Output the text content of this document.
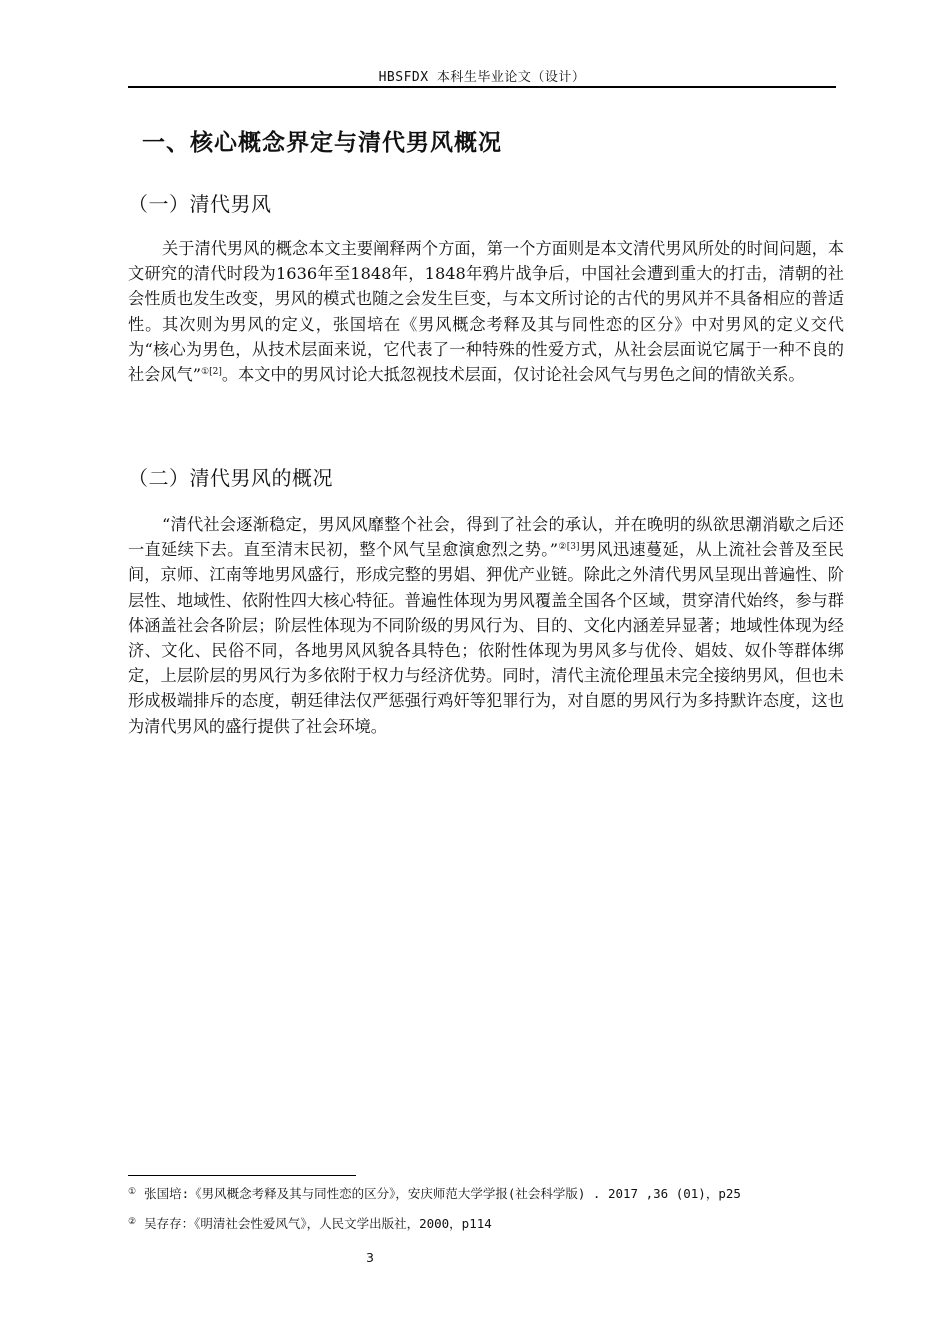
HBSFDX 本科生毕业论文（设计）
一、核心概念界定与清代男风概况
（一）清代男风
关于清代男风的概念本文主要阐释两个方面，第一个方面则是本文清代男风所处的时间问题，本文研究的清代时段为1636年至1848年，1848年鸦片战争后，中国社会遭到重大的打击，清朝的社会性质也发生改变，男风的模式也随之会发生巨变，与本文所讨论的古代的男风并不具备相应的普适性。其次则为男风的定义，张国培在《男风概念考释及其与同性恋的区分》中对男风的定义交代为“核心为男色，从技术层面来说，它代表了一种特殊的性爱方式，从社会层面说它属于一种不良的社会风气”$^{①[2]}$。本文中的男风讨论大抵忽视技术层面，仅讨论社会风气与男色之间的情欲关系。
（二）清代男风的概况
“清代社会逐渐稳定，男风风靡整个社会，得到了社会的承认，并在晚明的纵欲思潮消歇之后还一直延续下去。直至清末民初，整个风气呈愈演愈烈之势。”$^{②[3]}$男风迅速蔓延，从上流社会普及至民间，京师、江南等地男风盛行，形成完整的男娼、狎优产业链。除此之外清代男风呈现出普遍性、阶层性、地域性、依附性四大核心特征。普遍性体现为男风覆盖全国各个区域，贯穿清代始终，参与群体涵盖社会各阶层；阶层性体现为不同阶级的男风行为、目的、文化内涵差异显著；地域性体现为经济、文化、民俗不同，各地男风风貌各具特色；依附性体现为男风多与优伶、娼妓、奴仆等群体绑定，上层阶层的男风行为多依附于权力与经济优势。同时，清代主流伦理虽未完全接纳男风，但也未形成极端排斥的态度，朝廷律法仅严惩强行鸡奸等犯罪行为，对自愿的男风行为多持默许态度，这也为清代男风的盛行提供了社会环境。
① 张国培:《男风概念考释及其与同性恋的区分》，安庆师范大学学报(社会科学版) . 2017 ,36 (01)，p25
② 吴存存：《明清社会性爱风气》，人民文学出版社，2000，p114
3
